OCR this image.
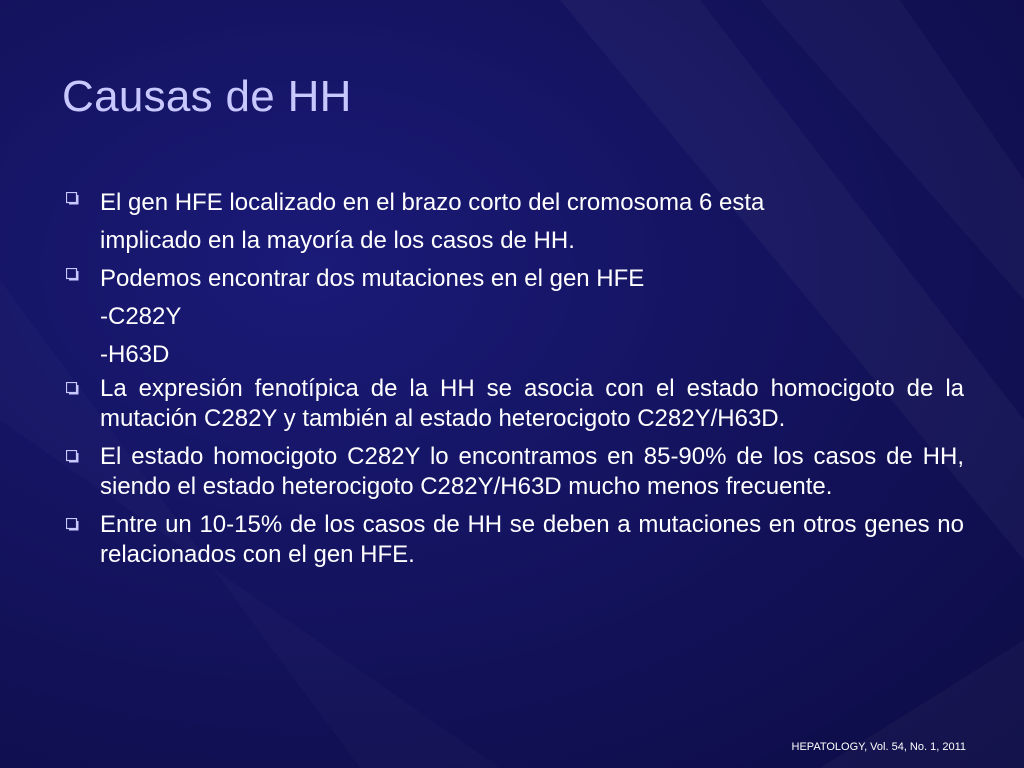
Causas de HH
El gen HFE localizado en el brazo corto del cromosoma 6 esta
implicado en la mayoría de los casos de HH.
Podemos encontrar dos mutaciones en el gen HFE
-C282Y
-H63D
La expresión fenotípica de la HH se asocia con el estado homocigoto de la mutación C282Y y también al estado heterocigoto C282Y/H63D.
El estado homocigoto C282Y lo encontramos en 85-90% de los casos de HH, siendo el estado heterocigoto C282Y/H63D mucho menos frecuente.
Entre un 10-15% de los casos de HH se deben a mutaciones en otros genes no relacionados con el gen HFE.
HEPATOLOGY, Vol. 54, No. 1, 2011
